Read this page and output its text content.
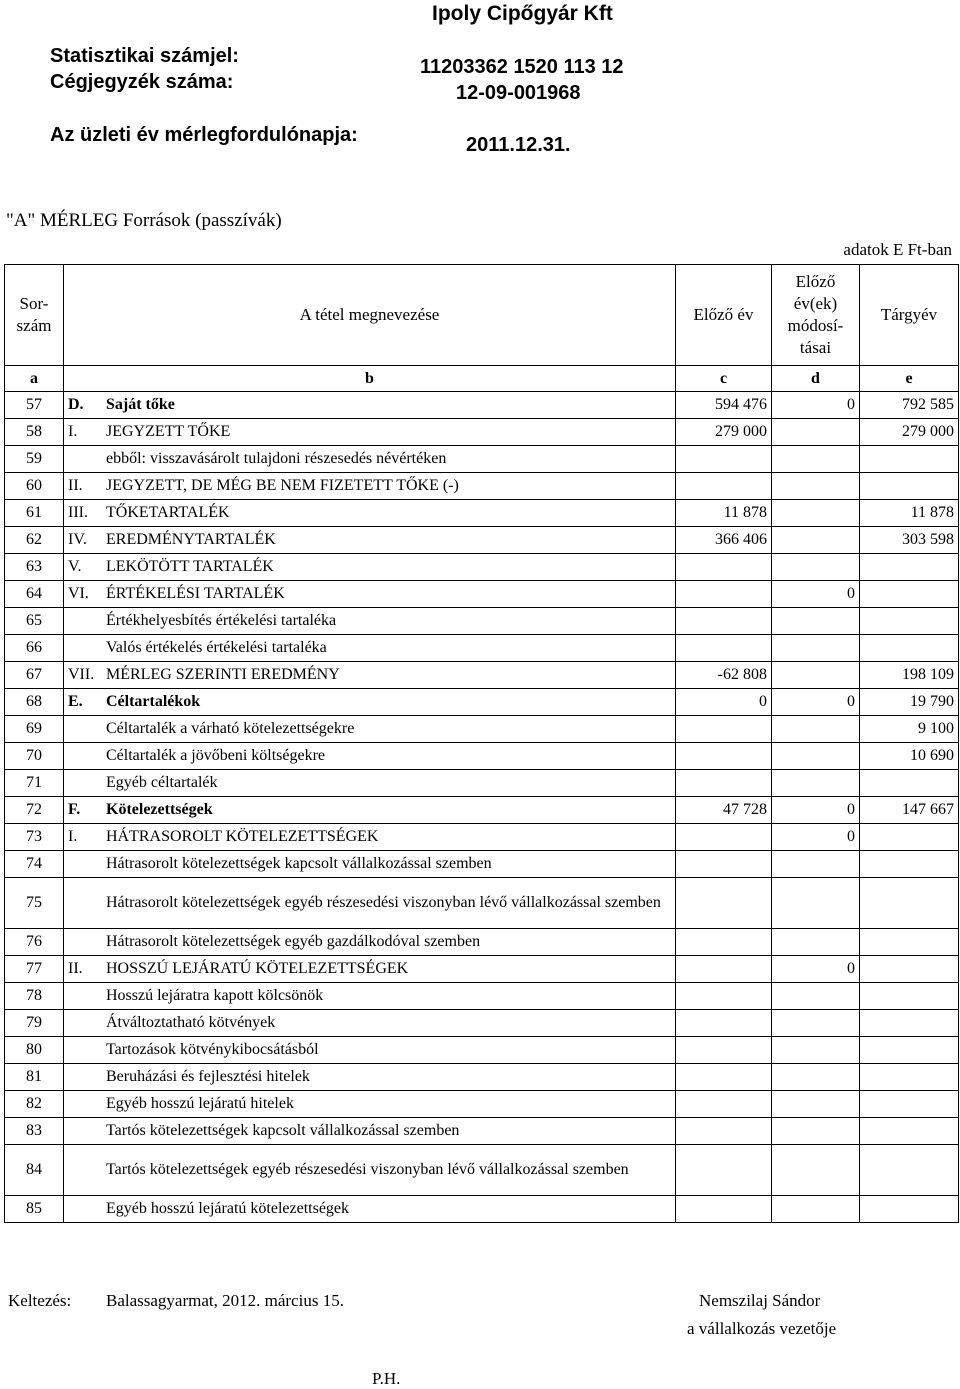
Ipoly Cipőgyár Kft
Statisztikai számjel:
Cégjegyzék száma:
11203362 1520 113 12
12-09-001968
Az üzleti év mérlegfordulónapja:	2011.12.31.
"A" MÉRLEG Források (passzívák)
adatok E Ft-ban
Sor-
szám	A tétel megnevezése	Előző év	Előző
év(ek)
módosí-
tásai	Tárgyév
a	b	c	d	e
57	D. Saját tőke	594 476	0	792 585
58	I. JEGYZETT TŐKE	279 000		279 000
59	ebből: visszavásárolt tulajdoni részesedés névértéken			

60	II. JEGYZETT, DE MÉG BE NEM FIZETETT TŐKE (-)			

61	III. TŐKETARTALÉK	11 878		11 878
62	IV. EREDMÉNYTARTALÉK	366 406		303 598
63	V. LEKÖTÖTT TARTALÉK			

64	VI. ÉRTÉKELÉSI TARTALÉK		0	
65	Értékhelyesbítés értékelési tartaléka			

66	Valós értékelés értékelési tartaléka			

67	VII. MÉRLEG SZERINTI EREDMÉNY	-62 808		198 109
68	E. Céltartalékok	0	0	19 790
69	Céltartalék a várható kötelezettségekre			9 100
70	Céltartalék a jövőbeni költségekre			10 690
71	Egyéb céltartalék			

72	F. Kötelezettségek	47 728	0	147 667
73	I. HÁTRASOROLT KÖTELEZETTSÉGEK		0	
74	Hátrasorolt kötelezettségek kapcsolt vállalkozással szemben			

75	Hátrasorolt kötelezettségek egyéb részesedési viszonyban lévő vállalkozással szemben			

76	Hátrasorolt kötelezettségek egyéb gazdálkodóval szemben			

77	II. HOSSZÚ LEJÁRATÚ KÖTELEZETTSÉGEK		0	
78	Hosszú lejáratra kapott kölcsönök			

79	Átváltoztatható kötvények			

80	Tartozások kötvénykibocsátásból			

81	Beruházási és fejlesztési hitelek			

82	Egyéb hosszú lejáratú hitelek			

83	Tartós kötelezettségek kapcsolt vállalkozással szemben			

84	Tartós kötelezettségek egyéb részesedési viszonyban lévő vállalkozással szemben			

85	Egyéb hosszú lejáratú kötelezettségek			

Keltezés: Balassagyarmat, 2012. március 15.	Nemszilaj Sándor
a vállalkozás vezetője
P.H.
